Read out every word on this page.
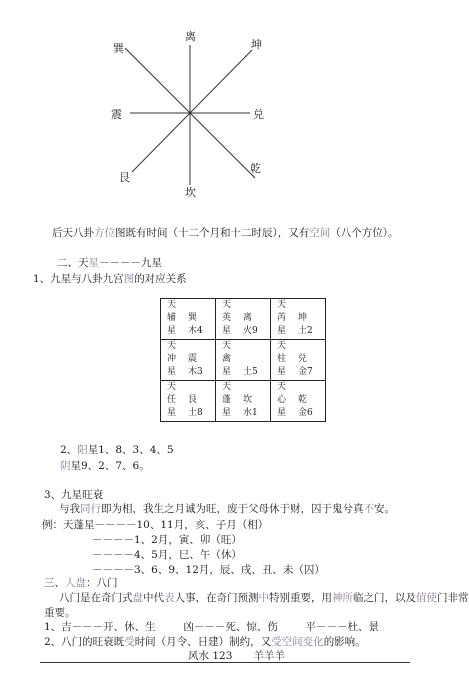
离
坤
兑
乾
坎
艮
震
巽
后天八卦方位图既有时间（十二个月和十二时辰），又有空间（八个方位）。
二、天星－－－－九星
1、九星与八卦九宫图的对应关系
天
辅 巽
星 木4	天
英 离
星 火9	天
芮 坤
星 土2

天
冲 震
星 木3	天
禽
星 土5	天
柱 兑
星 金7

天
任 艮
星 土8	天
蓬 坎
星 水1	天
心 乾
星 金6
2、阳星1、8、3、4、5
阴星9、2、7、6。
3、九星旺衰
与我同行即为相，我生之月诚为旺，废于父母休于财，囚于鬼兮真不安。
例：天蓬星－－－－10、11月，亥、子月（相）
－－－－1、2月，寅、卯（旺）
－－－－4、5月，巳、午（休）
－－－－3、6、9、12月，辰、戌、丑、未（囚）
三、人盘：八门
八门是在奇门式盘中代表人事，在奇门预测中特别重要，用神所临之门，以及值使门非常
重要。
1、吉－－－开、休、生 　　 凶－－－死、惊、伤 　　 平－－－杜、景
2、八门的旺衰既受时间（月令、日建）制约，又受空间变化的影响。
风水 123　　羊羊羊
